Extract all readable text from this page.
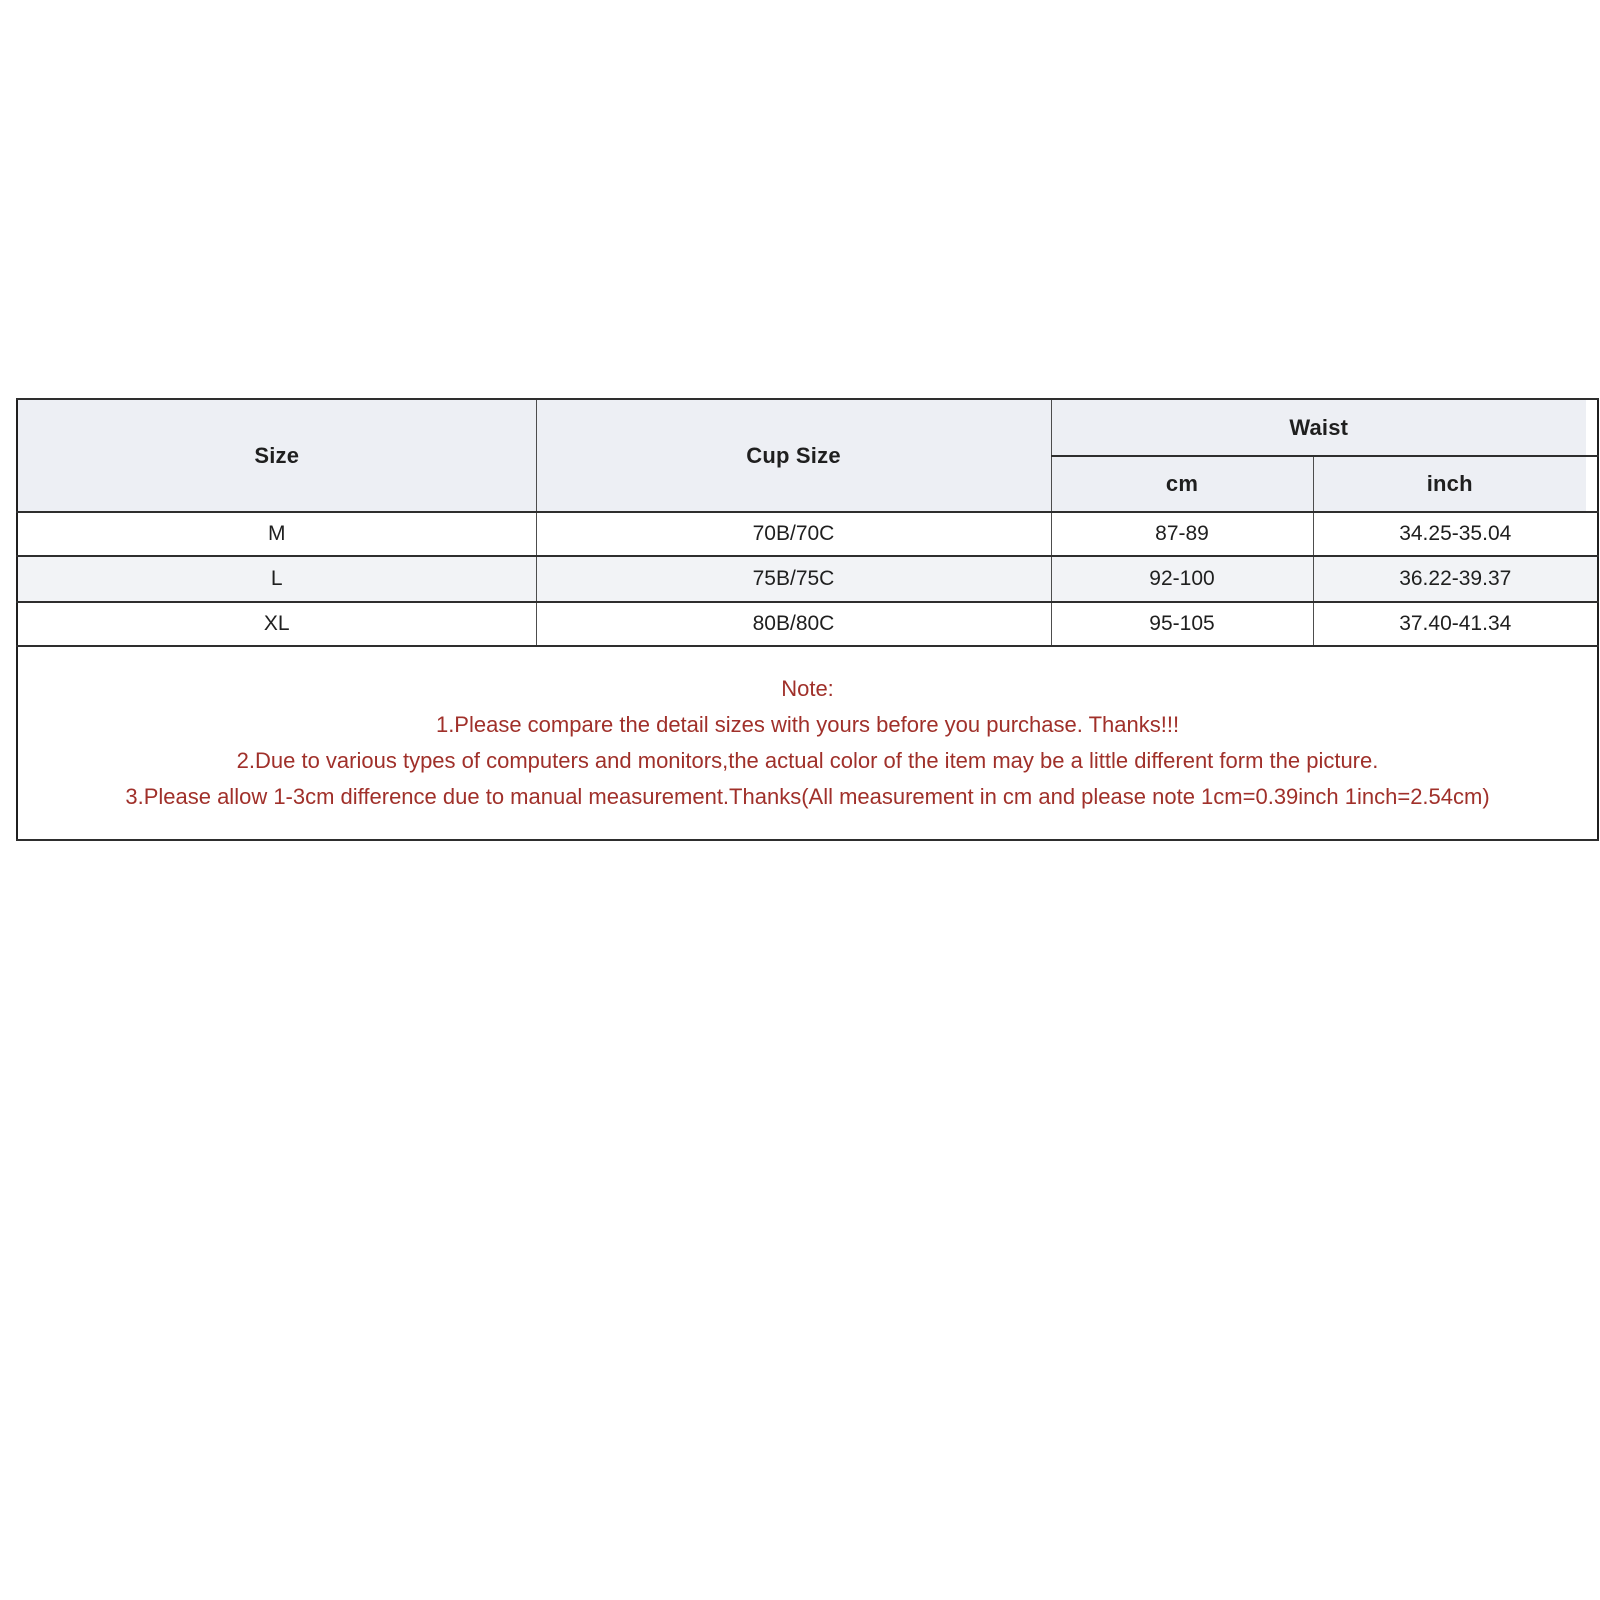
Size	Cup Size	Waist		
		cm	inch	
M	70B/70C	87-89	34.25-35.04	
L	75B/75C	92-100	36.22-39.37	
XL	80B/80C	95-105	37.40-41.34	

Note:
1.Please compare the detail sizes with yours before you purchase. Thanks!!!
2.Due to various types of computers and monitors,the actual color of the item may be a little different form the picture.
3.Please allow 1-3cm difference due to manual measurement.Thanks(All measurement in cm and please note 1cm=0.39inch 1inch=2.54cm)				
